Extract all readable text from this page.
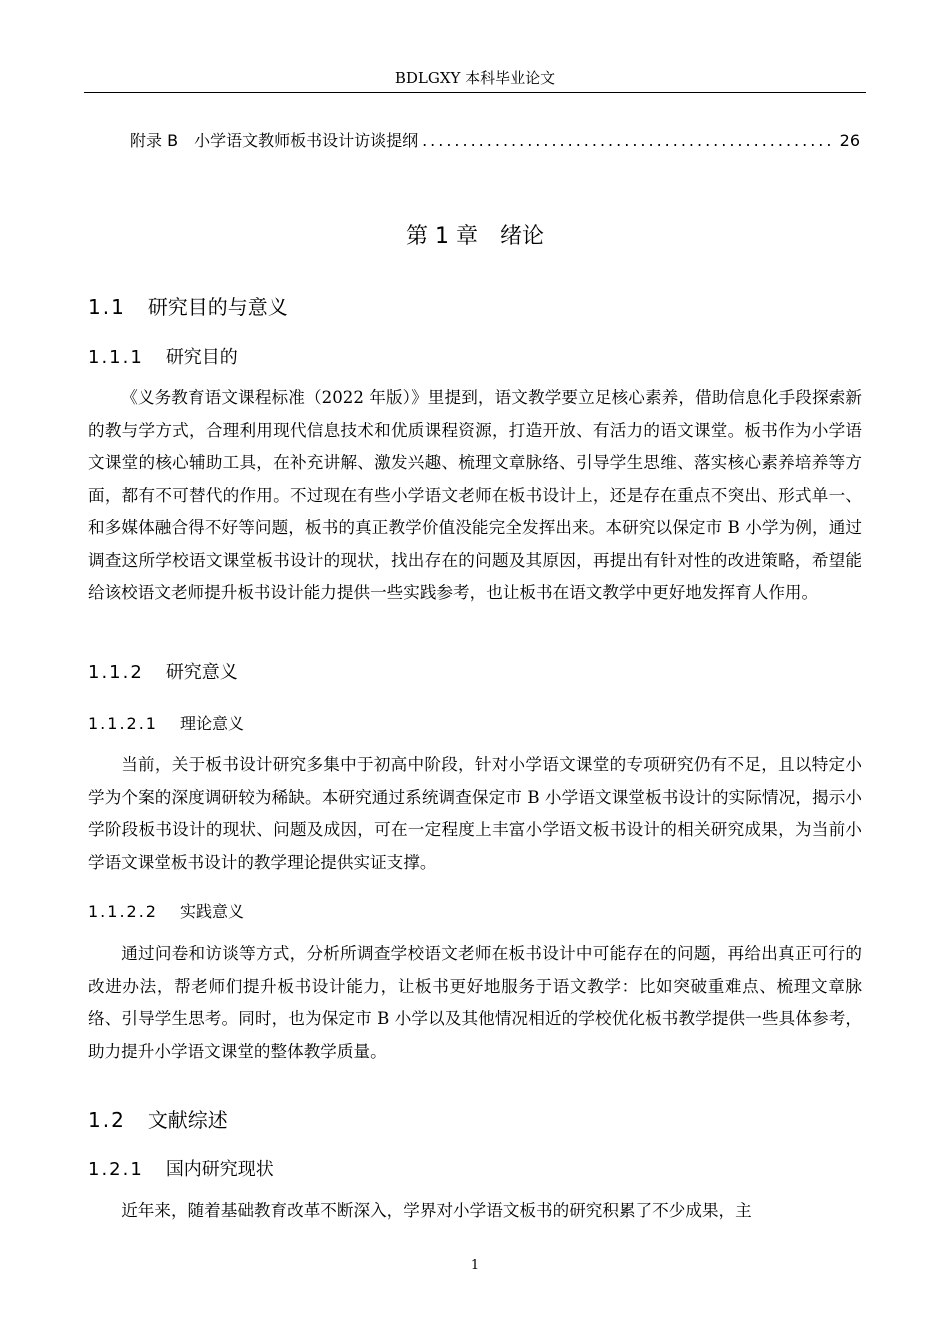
BDLGXY 本科毕业论文
附录 B　小学语文教师板书设计访谈提纲
.....	26
第 1 章　绪论
1.1 研究目的与意义
1.1.1 研究目的

《义务教育语文课程标准（2022 年版）》里提到，语文教学要立足核心素养，借助信息化手段探索新的教与学方式，合理利用现代信息技术和优质课程资源，打造开放、有活力的语文课堂。板书作为小学语文课堂的核心辅助工具，在补充讲解、激发兴趣、梳理文章脉络、引导学生思维、落实核心素养培养等方面，都有不可替代的作用。不过现在有些小学语文老师在板书设计上，还是存在重点不突出、形式单一、和多媒体融合得不好等问题，板书的真正教学价值没能完全发挥出来。本研究以保定市 B 小学为例，通过调查这所学校语文课堂板书设计的现状，找出存在的问题及其原因，再提出有针对性的改进策略，希望能给该校语文老师提升板书设计能力提供一些实践参考，也让板书在语文教学中更好地发挥育人作用。

1.1.2 研究意义
1.1.2.1 理论意义

当前，关于板书设计研究多集中于初高中阶段，针对小学语文课堂的专项研究仍有不足，且以特定小学为个案的深度调研较为稀缺。本研究通过系统调查保定市 B 小学语文课堂板书设计的实际情况，揭示小学阶段板书设计的现状、问题及成因，可在一定程度上丰富小学语文板书设计的相关研究成果，为当前小学语文课堂板书设计的教学理论提供实证支撑。

1.1.2.2 实践意义

通过问卷和访谈等方式，分析所调查学校语文老师在板书设计中可能存在的问题，再给出真正可行的改进办法，帮老师们提升板书设计能力，让板书更好地服务于语文教学：比如突破重难点、梳理文章脉络、引导学生思考。同时，也为保定市 B 小学以及其他情况相近的学校优化板书教学提供一些具体参考，助力提升小学语文课堂的整体教学质量。

1.2 文献综述
1.2.1 国内研究现状

近年来，随着基础教育改革不断深入，学界对小学语文板书的研究积累了不少成果，主

1
